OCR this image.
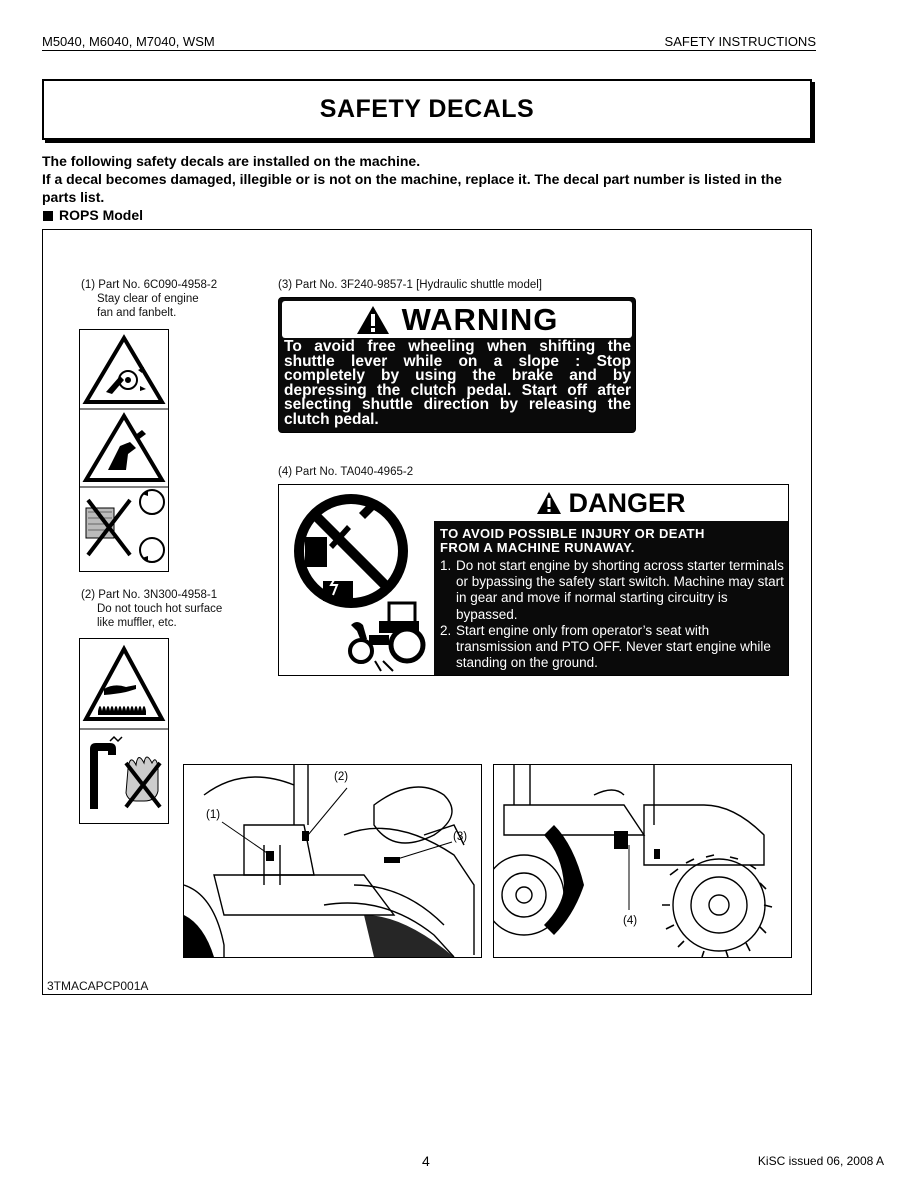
M5040, M6040, M7040, WSM	SAFETY INSTRUCTIONS
SAFETY DECALS
The following safety decals are installed on the machine.
If a decal becomes damaged, illegible or is not on the machine, replace it. The decal part number is listed in the parts list.
ROPS Model
(1) Part No. 6C090-4958-2
Stay clear of engine
fan and fanbelt.
(2) Part No. 3N300-4958-1
Do not touch hot surface
like muffler, etc.
(3) Part No. 3F240-9857-1 [Hydraulic shuttle model]
WARNING
To avoid free wheeling when shifting the shuttle lever while on a slope : Stop completely by using the brake and by depressing the clutch pedal. Start off after selecting shuttle direction by releasing the clutch pedal.
(4) Part No. TA040-4965-2
DANGER
TO AVOID POSSIBLE INJURY OR DEATH
FROM A MACHINE RUNAWAY.
1. Do not start engine by shorting across starter terminals or bypassing the safety start switch. Machine may start in gear and move if normal starting circuitry is bypassed.
2. Start engine only from operator’s seat with transmission and PTO OFF. Never start engine while standing on the ground.
(1)
(2)
(3)
(4)
3TMACAPCP001A
4	KiSC issued 06, 2008 A
